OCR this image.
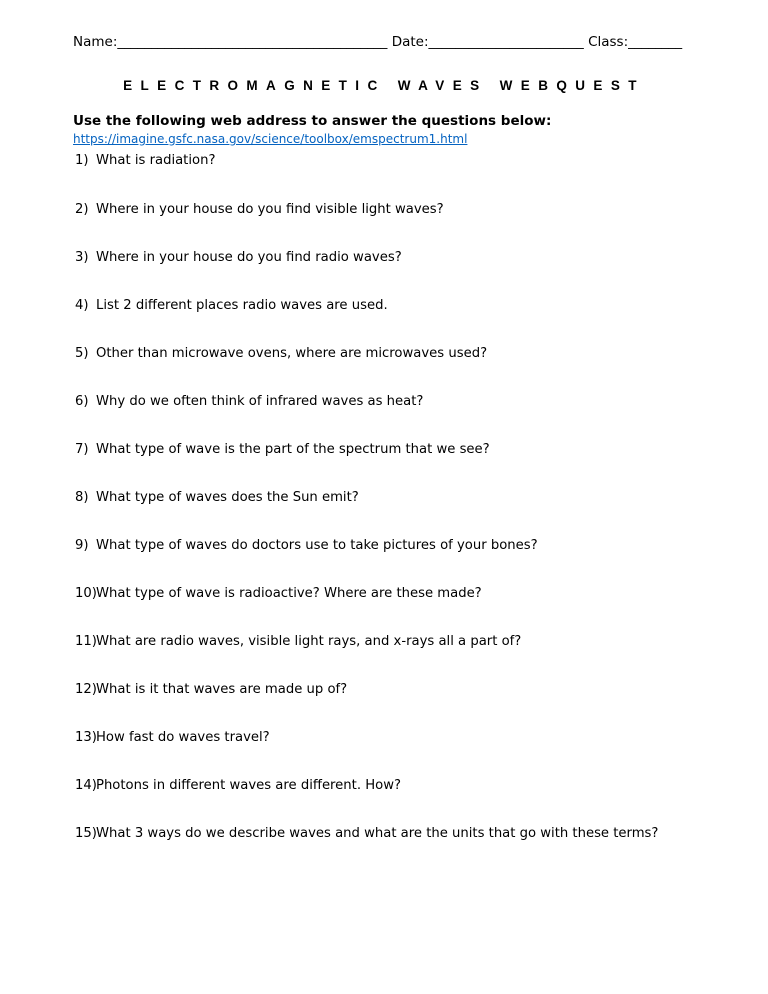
Name:________________________________________ Date:_______________________ Class:________
ELECTROMAGNETIC WAVES WEBQUEST
Use the following web address to answer the questions below:
https://imagine.gsfc.nasa.gov/science/toolbox/emspectrum1.html
1) What is radiation?
2) Where in your house do you find visible light waves?
3) Where in your house do you find radio waves?
4) List 2 different places radio waves are used.
5) Other than microwave ovens, where are microwaves used?
6) Why do we often think of infrared waves as heat?
7) What type of wave is the part of the spectrum that we see?
8) What type of waves does the Sun emit?
9) What type of waves do doctors use to take pictures of your bones?
10)What type of wave is radioactive? Where are these made?
11)What are radio waves, visible light rays, and x-rays all a part of?
12)What is it that waves are made up of?
13)How fast do waves travel?
14)Photons in different waves are different. How?
15)What 3 ways do we describe waves and what are the units that go with these terms?
